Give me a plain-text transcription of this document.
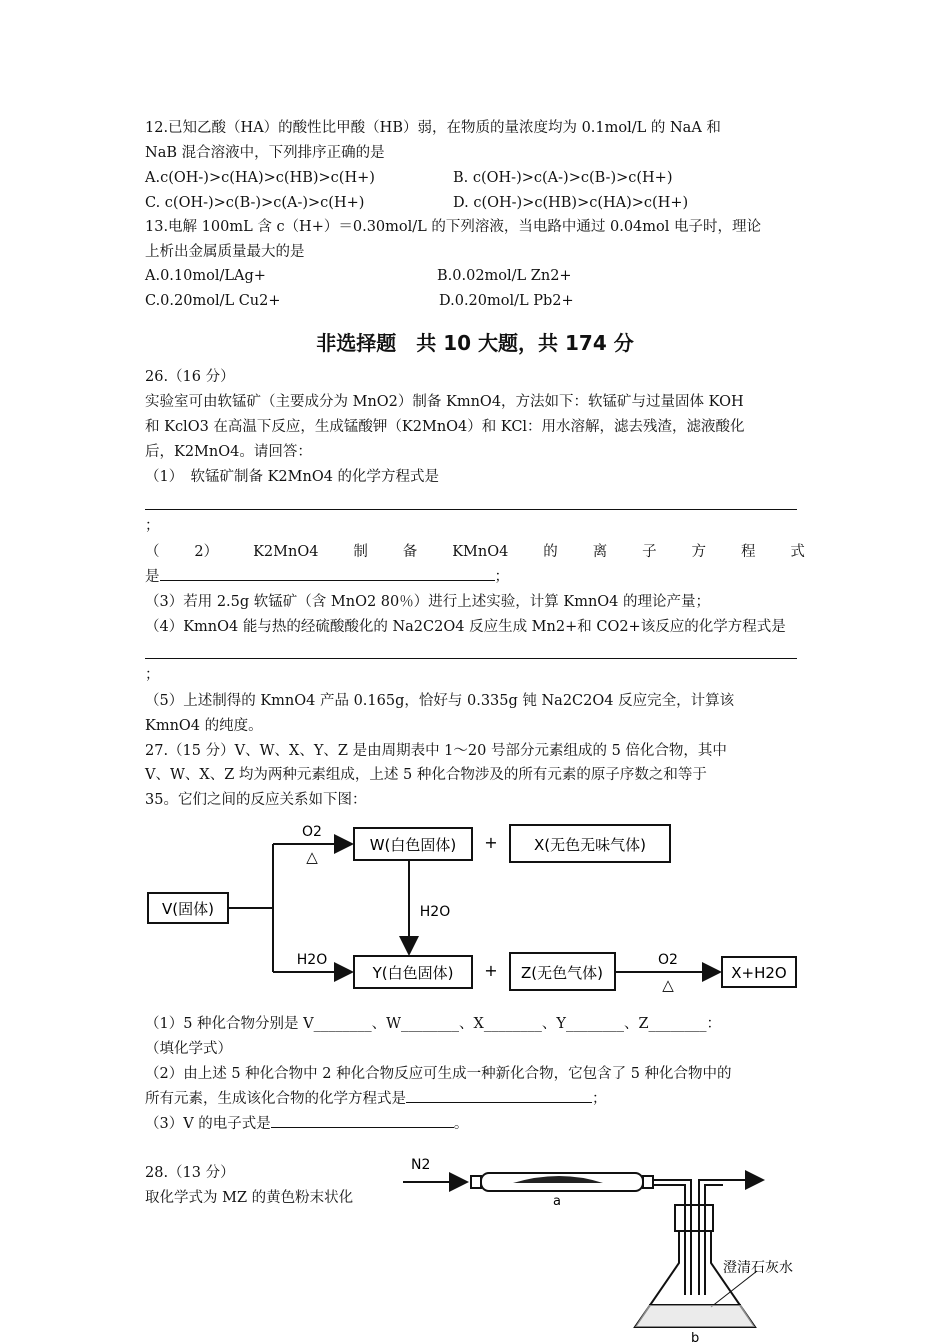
12.已知乙酸（HA）的酸性比甲酸（HB）弱，在物质的量浓度均为 0.1mol/L 的 NaA 和
NaB 混合溶液中，下列排序正确的是
A.c(OH-)>c(HA)>c(HB)>c(H+)	B. c(OH-)>c(A-)>c(B-)>c(H+)
C. c(OH-)>c(B-)>c(A-)>c(H+)	D. c(OH-)>c(HB)>c(HA)>c(H+)
13.电解 100mL 含 c（H+）＝0.30mol/L 的下列溶液，当电路中通过 0.04mol 电子时，理论
上析出金属质量最大的是
A.0.10mol/LAg+	B.0.02mol/L Zn2+
C.0.20mol/L Cu2+	D.0.20mol/L Pb2+
非选择题　共 10 大题，共 174 分
26.（16 分）
实验室可由软锰矿（主要成分为 MnO2）制备 KmnO4，方法如下：软锰矿与过量固体 KOH
和 KclO3 在高温下反应，生成锰酸钾（K2MnO4）和 KCl：用水溶解，滤去残渣，滤液酸化
后，K2MnO4。请回答：
（1）　软锰矿制备 K2MnO4 的化学方程式是
；
（ 2） K2MnO4 制 备 KMnO4 的 离 子 方 程 式
是	；
（3）若用 2.5g 软锰矿（含 MnO2 80％）进行上述实验，计算 KmnO4 的理论产量；
（4）KmnO4 能与热的经硫酸酸化的 Na2C2O4 反应生成 Mn2+和 CO2+该反应的化学方程式是
；
（5）上述制得的 KmnO4 产品 0.165g，恰好与 0.335g 钝 Na2C2O4 反应完全，计算该
KmnO4 的纯度。
27.（15 分）V、W、X、Y、Z 是由周期表中 1～20 号部分元素组成的 5 倍化合物，其中
V、W、X、Z 均为两种元素组成，上述 5 种化合物涉及的所有元素的原子序数之和等于
35。它们之间的反应关系如下图：
V(固体)
W(白色固体)	X(无色无味气体)
Y(白色固体)	Z(无色气体)	X+H2O
+
+
O2
△
H2O
H2O
O2
△
（1）5 种化合物分别是 V________、W________、X________、Y________、Z________：
（填化学式）
（2）由上述 5 种化合物中 2 种化合物反应可生成一种新化合物，它包含了 5 种化合物中的
所有元素，生成该化合物的化学方程式是	；
（3）V 的电子式是	。
28.（13 分）
取化学式为 MZ 的黄色粉末状化
N2
a
b
澄清石灰水
